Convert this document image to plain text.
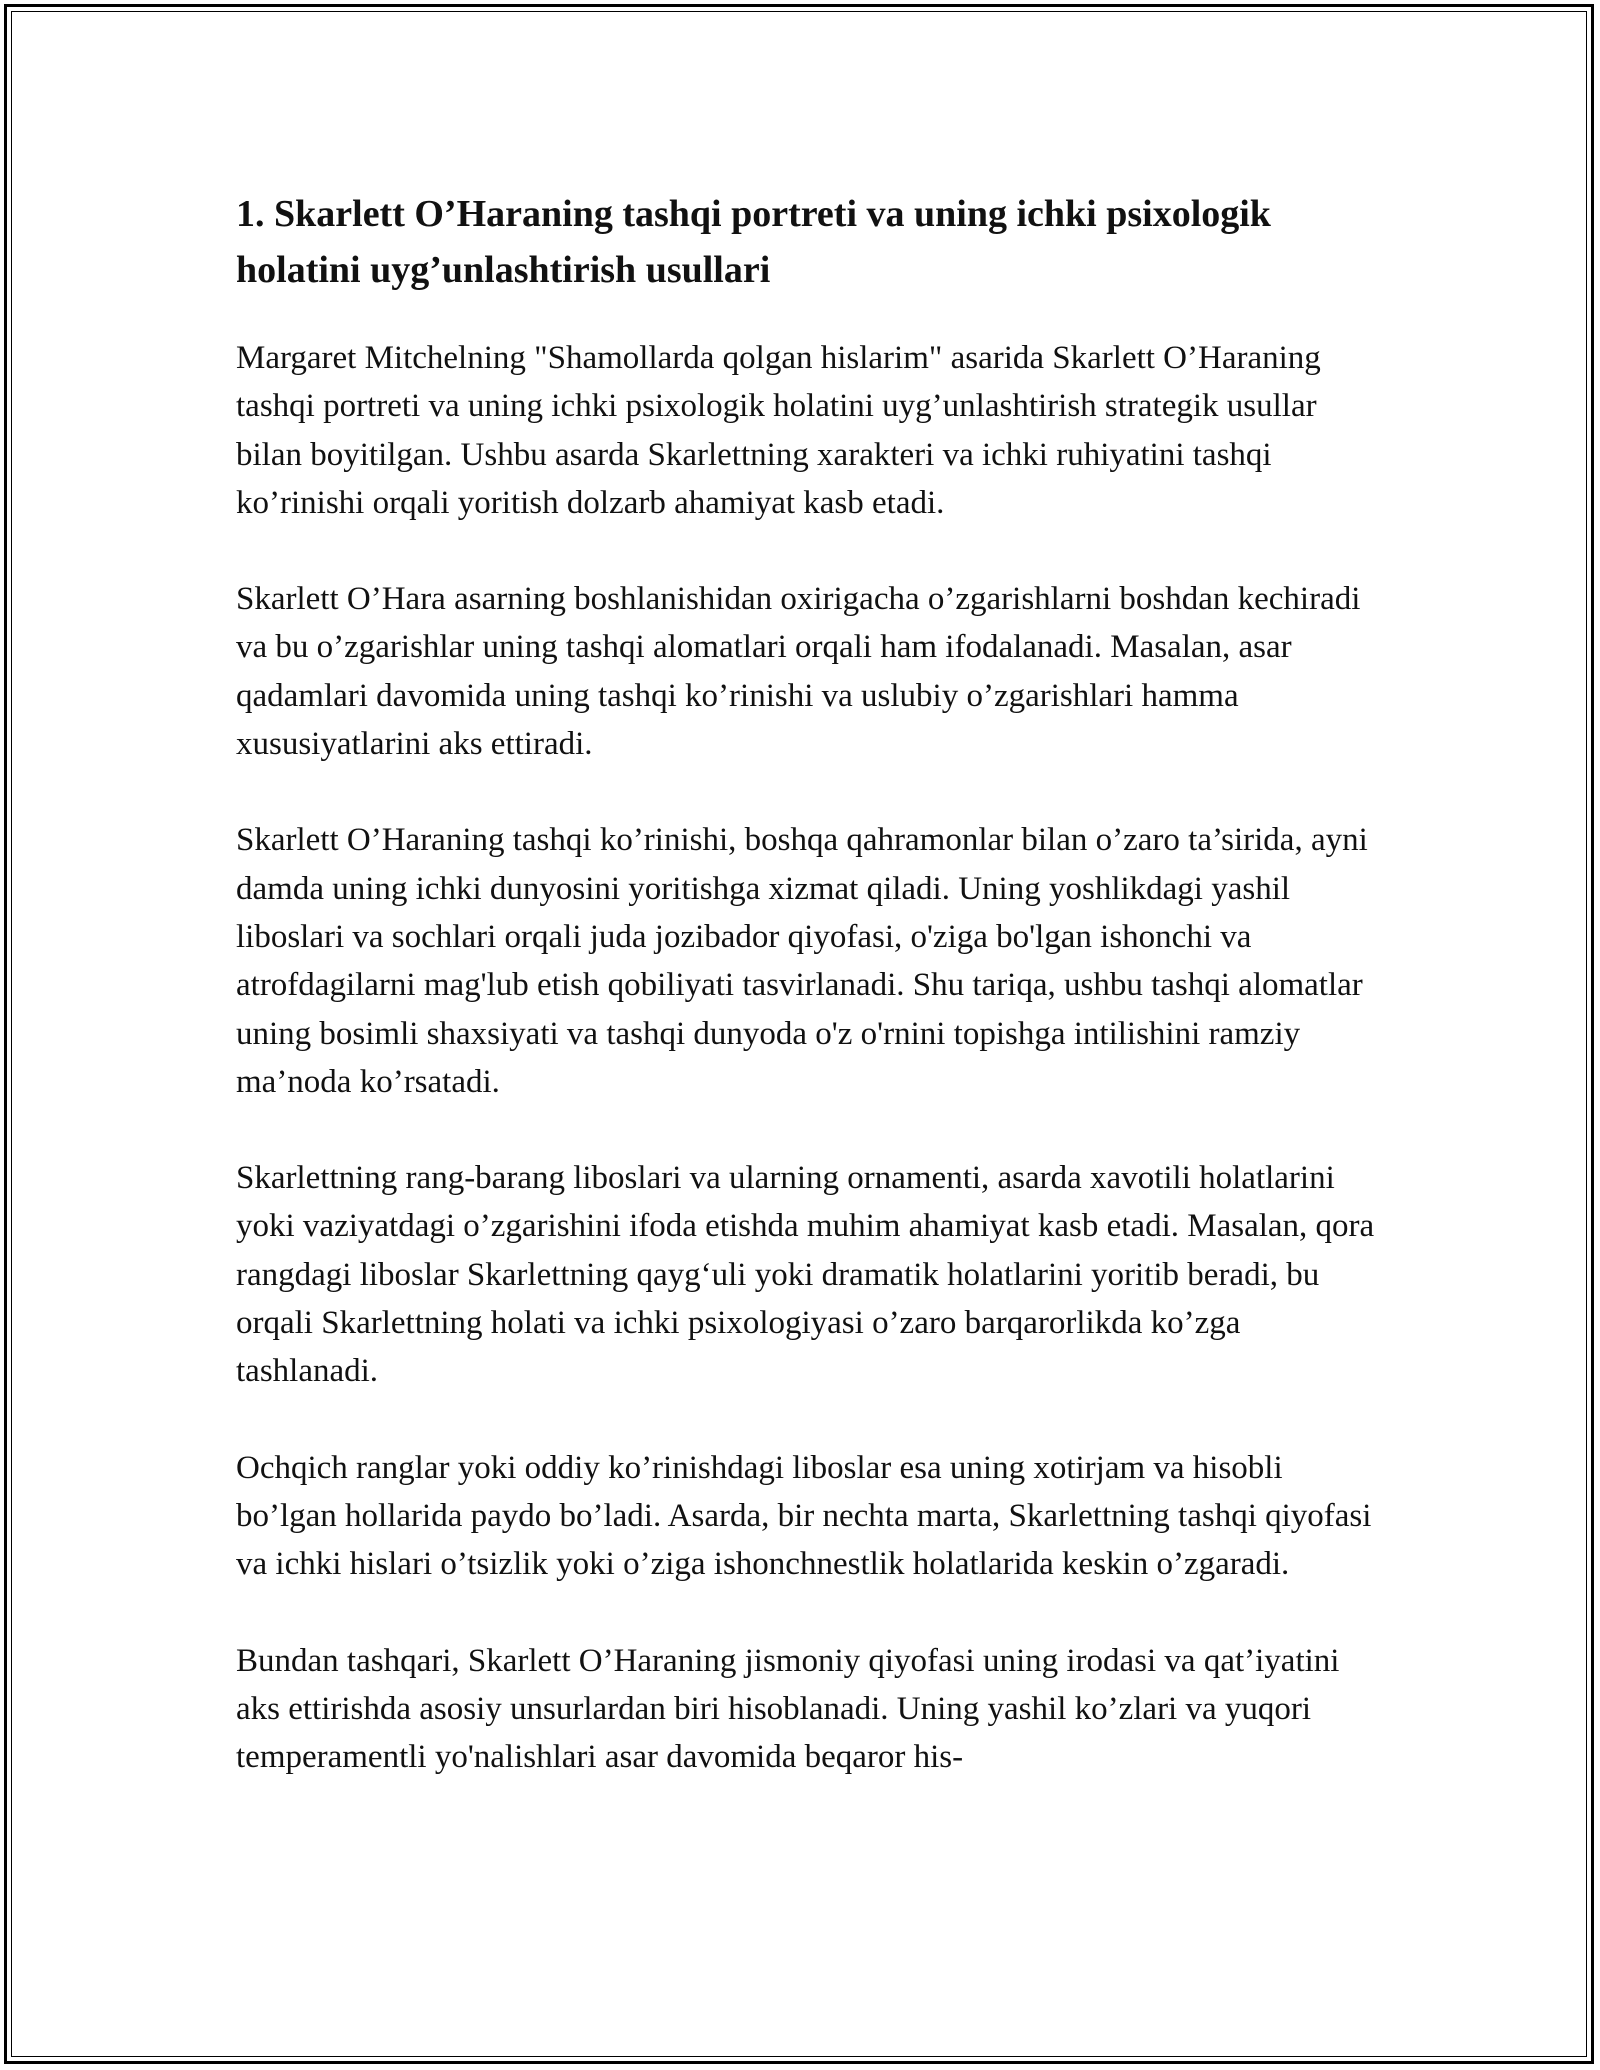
1. Skarlett O’Haraning tashqi portreti va uning ichki psixologik holatini uyg’unlashtirish usullari

Margaret Mitchelning "Shamollarda qolgan hislarim" asarida Skarlett O’Haraning tashqi portreti va uning ichki psixologik holatini uyg’unlashtirish strategik usullar bilan boyitilgan. Ushbu asarda Skarlettning xarakteri va ichki ruhiyatini tashqi ko’rinishi orqali yoritish dolzarb ahamiyat kasb etadi.

Skarlett O’Hara asarning boshlanishidan oxirigacha o’zgarishlarni boshdan kechiradi va bu o’zgarishlar uning tashqi alomatlari orqali ham ifodalanadi. Masalan, asar qadamlari davomida uning tashqi ko’rinishi va uslubiy o’zgarishlari hamma xususiyatlarini aks ettiradi.

Skarlett O’Haraning tashqi ko’rinishi, boshqa qahramonlar bilan o’zaro ta’sirida, ayni damda uning ichki dunyosini yoritishga xizmat qiladi. Uning yoshlikdagi yashil liboslari va sochlari orqali juda jozibador qiyofasi, o'ziga bo'lgan ishonchi va atrofdagilarni mag'lub etish qobiliyati tasvirlanadi. Shu tariqa, ushbu tashqi alomatlar uning bosimli shaxsiyati va tashqi dunyoda o'z o'rnini topishga intilishini ramziy ma’noda ko’rsatadi.

Skarlettning rang-barang liboslari va ularning ornamenti, asarda xavotili holatlarini yoki vaziyatdagi o’zgarishini ifoda etishda muhim ahamiyat kasb etadi. Masalan, qora rangdagi liboslar Skarlettning qayg‘uli yoki dramatik holatlarini yoritib beradi, bu orqali Skarlettning holati va ichki psixologiyasi o’zaro barqarorlikda ko’zga tashlanadi.

Ochqich ranglar yoki oddiy ko’rinishdagi liboslar esa uning xotirjam va hisobli bo’lgan hollarida paydo bo’ladi. Asarda, bir nechta marta, Skarlettning tashqi qiyofasi va ichki hislari o’tsizlik yoki o’ziga ishonchnestlik holatlarida keskin o’zgaradi.

Bundan tashqari, Skarlett O’Haraning jismoniy qiyofasi uning irodasi va qat’iyatini aks ettirishda asosiy unsurlardan biri hisoblanadi. Uning yashil ko’zlari va yuqori temperamentli yo'nalishlari asar davomida beqaror his-
